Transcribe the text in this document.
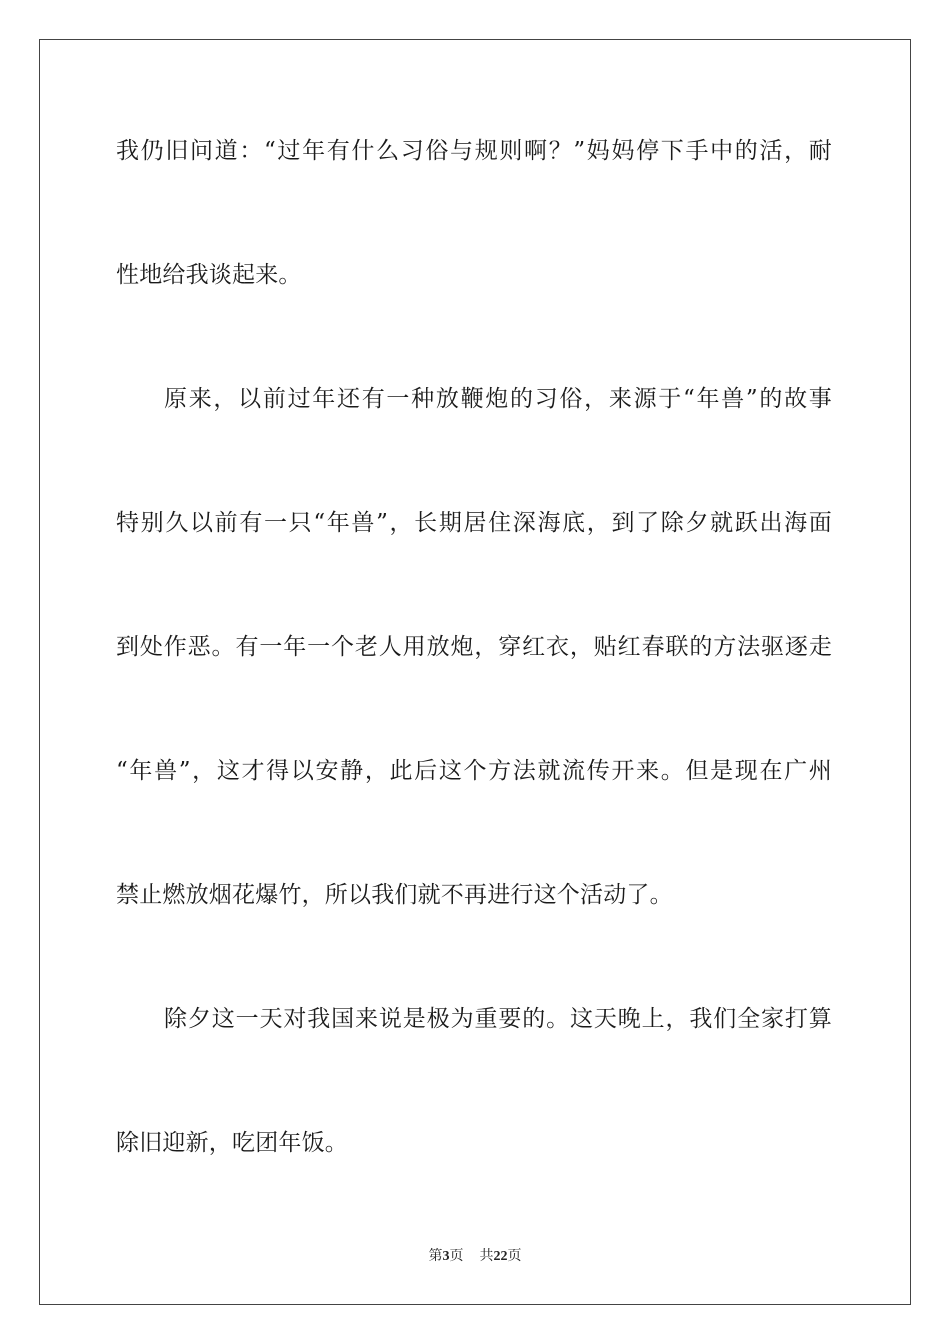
我仍旧问道：“过年有什么习俗与规则啊？”妈妈停下手中的活，耐
性地给我谈起来。
原来，以前过年还有一种放鞭炮的习俗，来源于“年兽”的故事
特别久以前有一只“年兽”，长期居住深海底，到了除夕就跃出海面
到处作恶。有一年一个老人用放炮，穿红衣，贴红春联的方法驱逐走
“年兽”，这才得以安静，此后这个方法就流传开来。但是现在广州
禁止燃放烟花爆竹，所以我们就不再进行这个活动了。
除夕这一天对我国来说是极为重要的。这天晚上，我们全家打算
除旧迎新，吃团年饭。
第3页 共22页
